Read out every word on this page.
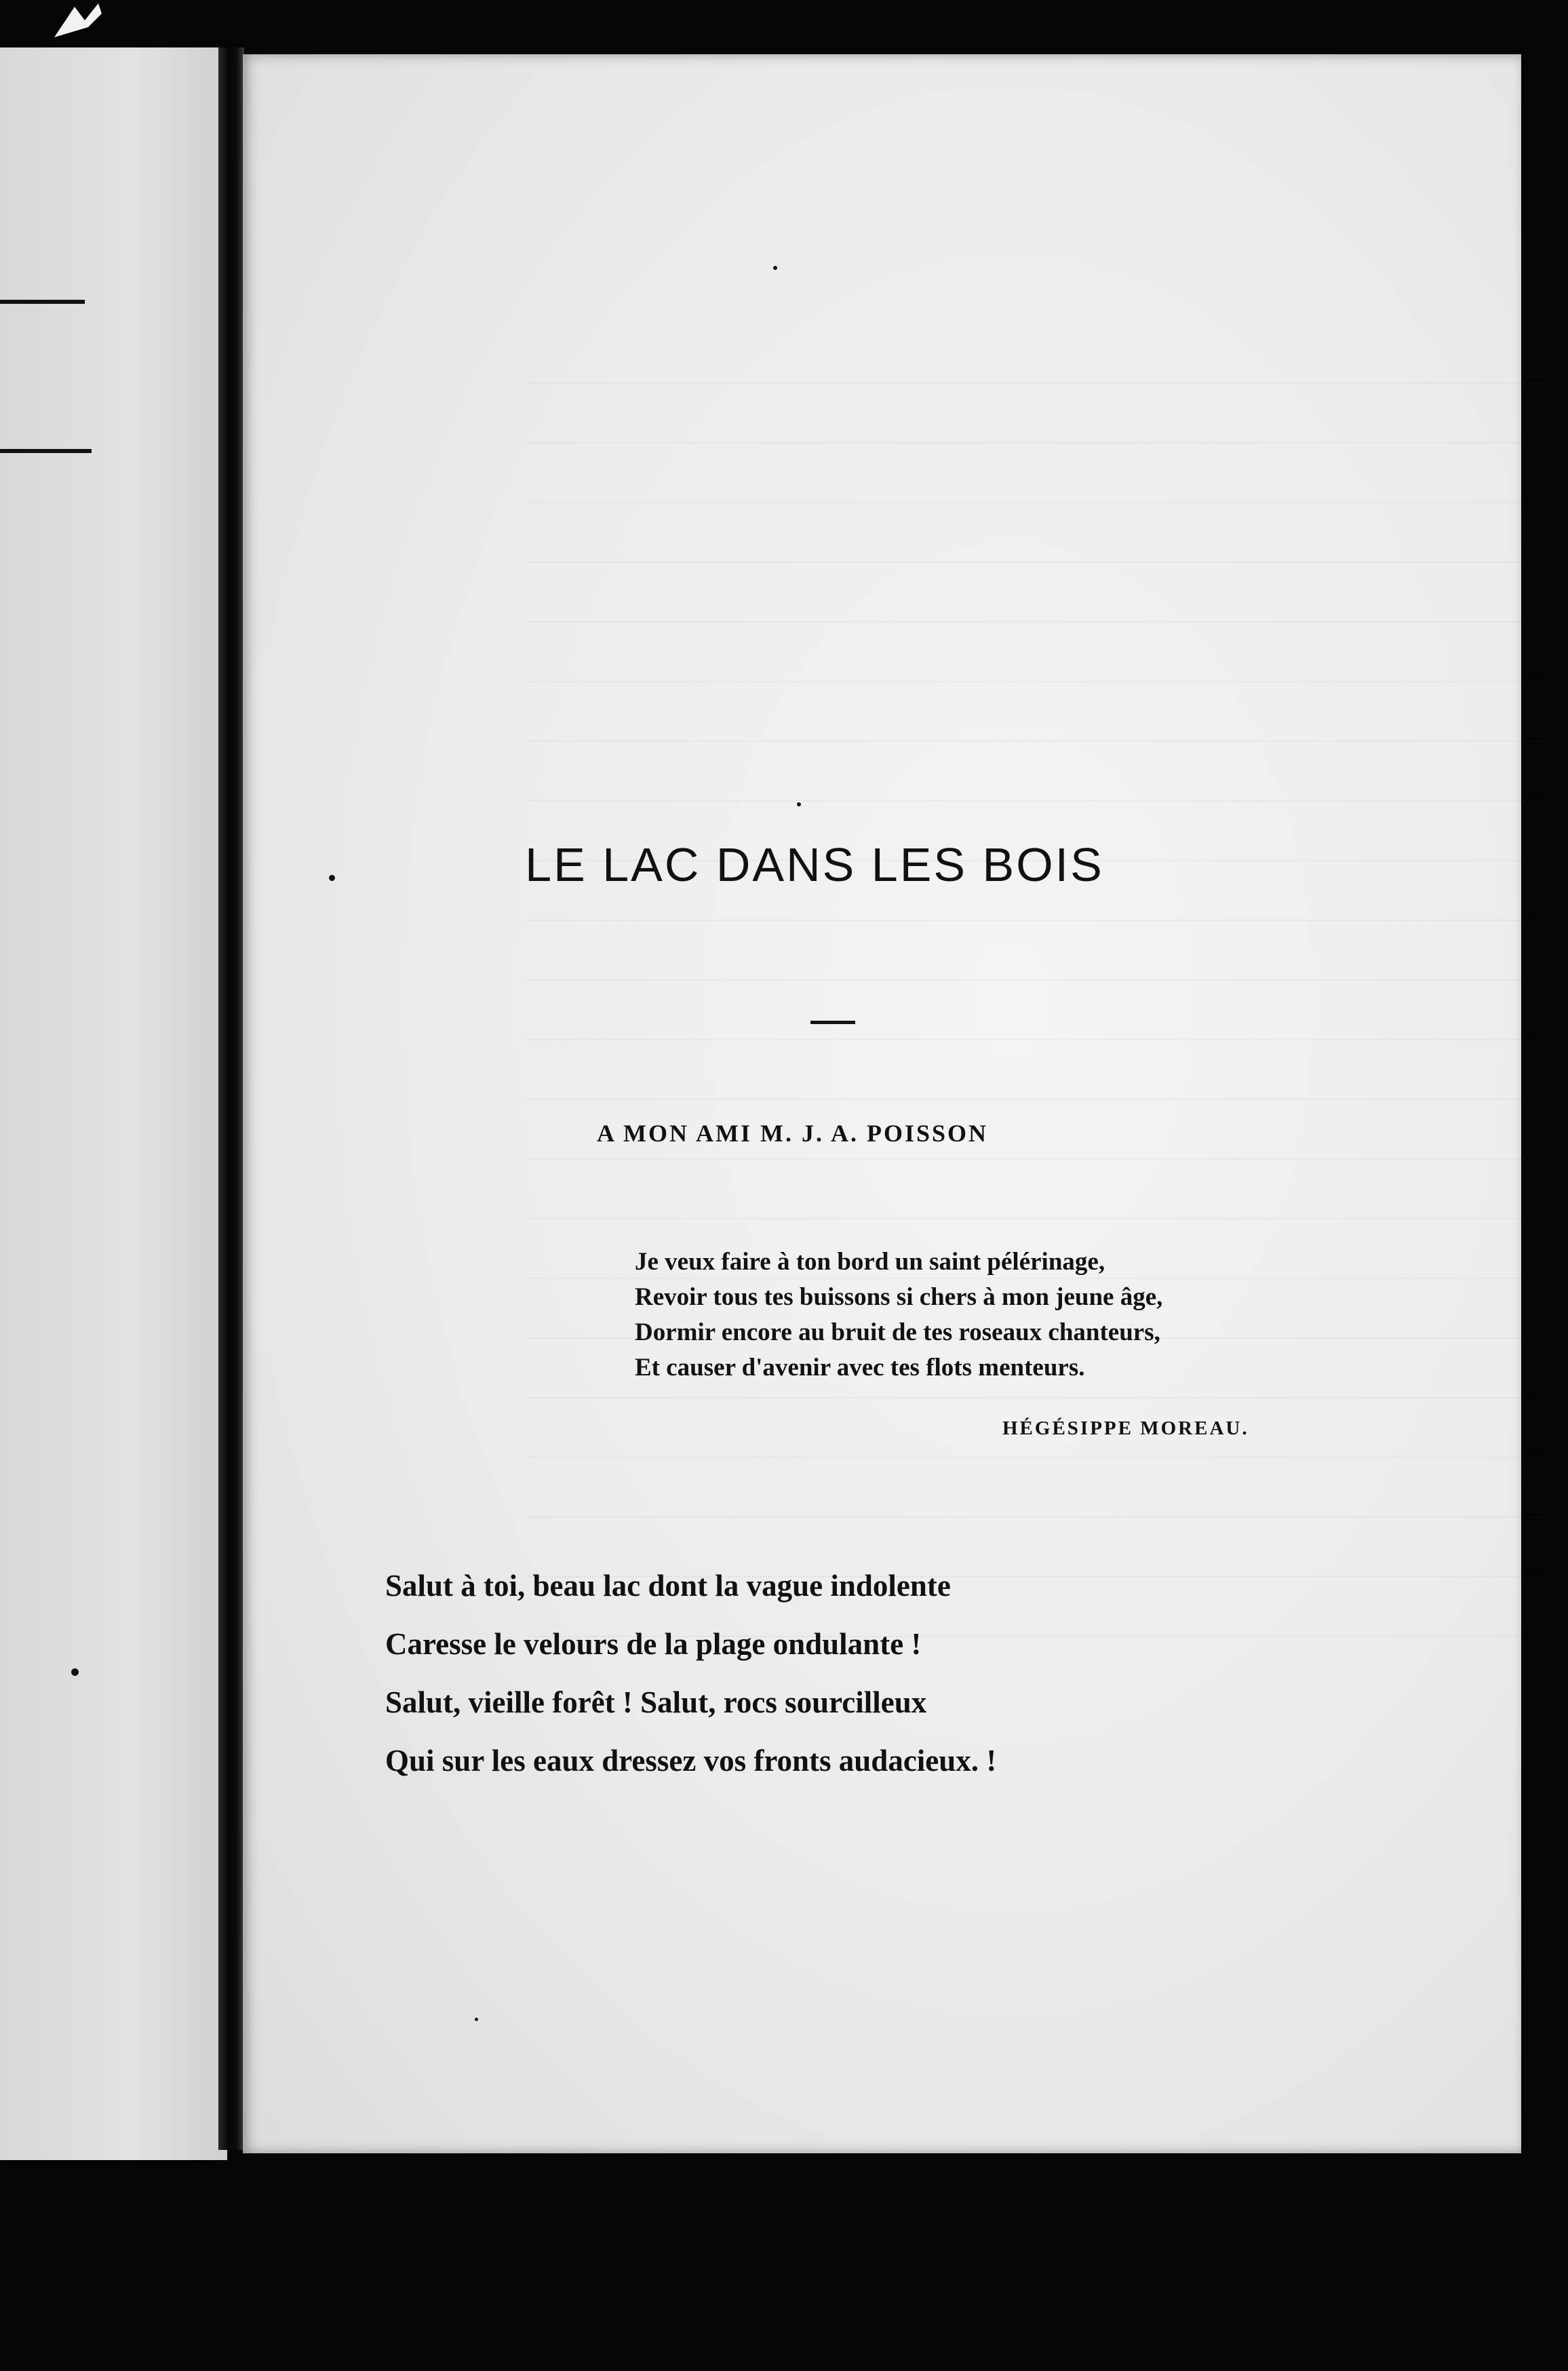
LE LAC DANS LES BOIS
A MON AMI M. J. A. POISSON
Je veux faire à ton bord un saint pélérinage,
Revoir tous tes buissons si chers à mon jeune âge,
Dormir encore au bruit de tes roseaux chanteurs,
Et causer d'avenir avec tes flots menteurs.
HÉGÉSIPPE MOREAU.
Salut à toi, beau lac dont la vague indolente
Caresse le velours de la plage ondulante !
Salut, vieille forêt ! Salut, rocs sourcilleux
Qui sur les eaux dressez vos fronts audacieux. !
